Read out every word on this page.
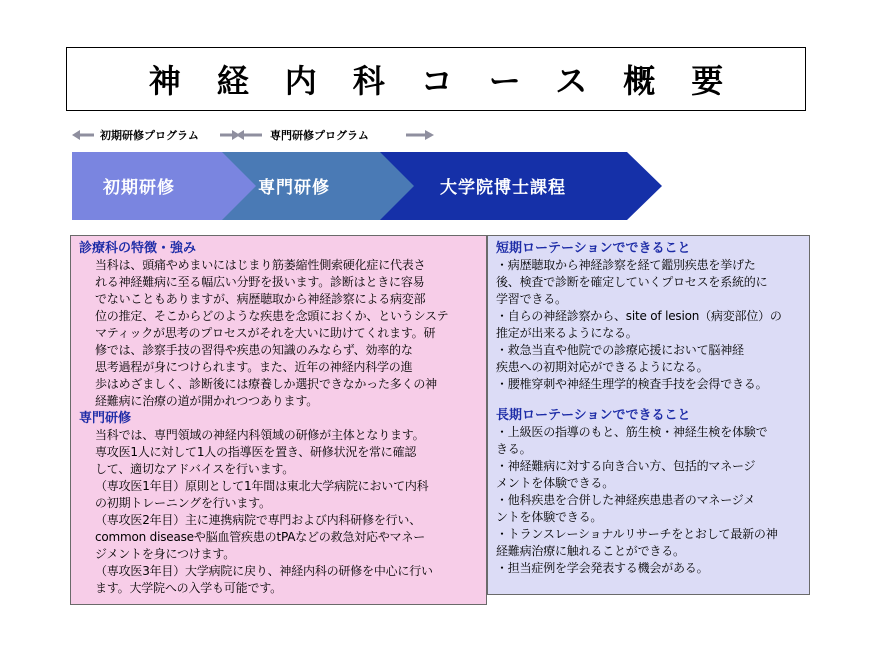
神経内科コース概要
初期研修プログラム	専門研修プログラム
初期研修	専門研修	大学院博士課程
診療科の特徴・強み
当科は、頭痛やめまいにはじまり筋萎縮性側索硬化症に代表さ
れる神経難病に至る幅広い分野を扱います。診断はときに容易
でないこともありますが、病歴聴取から神経診察による病変部
位の推定、そこからどのような疾患を念頭におくか、というシステ
マティックが思考のプロセスがそれを大いに助けてくれます。研
修では、診察手技の習得や疾患の知識のみならず、効率的な
思考過程が身につけられます。また、近年の神経内科学の進
歩はめざましく、診断後には療養しか選択できなかった多くの神
経難病に治療の道が開かれつつあります。
専門研修
当科では、専門領域の神経内科領域の研修が主体となります。
専攻医1人に対して1人の指導医を置き、研修状況を常に確認
して、適切なアドバイスを行います。
（専攻医1年目）原則として1年間は東北大学病院において内科
の初期トレーニングを行います。
（専攻医2年目）主に連携病院で専門および内科研修を行い、
common diseaseや脳血管疾患のtPAなどの救急対応やマネー
ジメントを身につけます。
（専攻医3年目）大学病院に戻り、神経内科の研修を中心に行い
ます。大学院への入学も可能です。
短期ローテーションでできること
・病歴聴取から神経診察を経て鑑別疾患を挙げた
後、検査で診断を確定していくプロセスを系統的に
学習できる。
・自らの神経診察から、site of lesion（病変部位）の
推定が出来るようになる。
・救急当直や他院での診療応援において脳神経
疾患への初期対応ができるようになる。
・腰椎穿刺や神経生理学的検査手技を会得できる。
長期ローテーションでできること
・上級医の指導のもと、筋生検・神経生検を体験で
きる。
・神経難病に対する向き合い方、包括的マネージ
メントを体験できる。
・他科疾患を合併した神経疾患患者のマネージメ
ントを体験できる。
・トランスレーショナルリサーチをとおして最新の神
経難病治療に触れることができる。
・担当症例を学会発表する機会がある。
